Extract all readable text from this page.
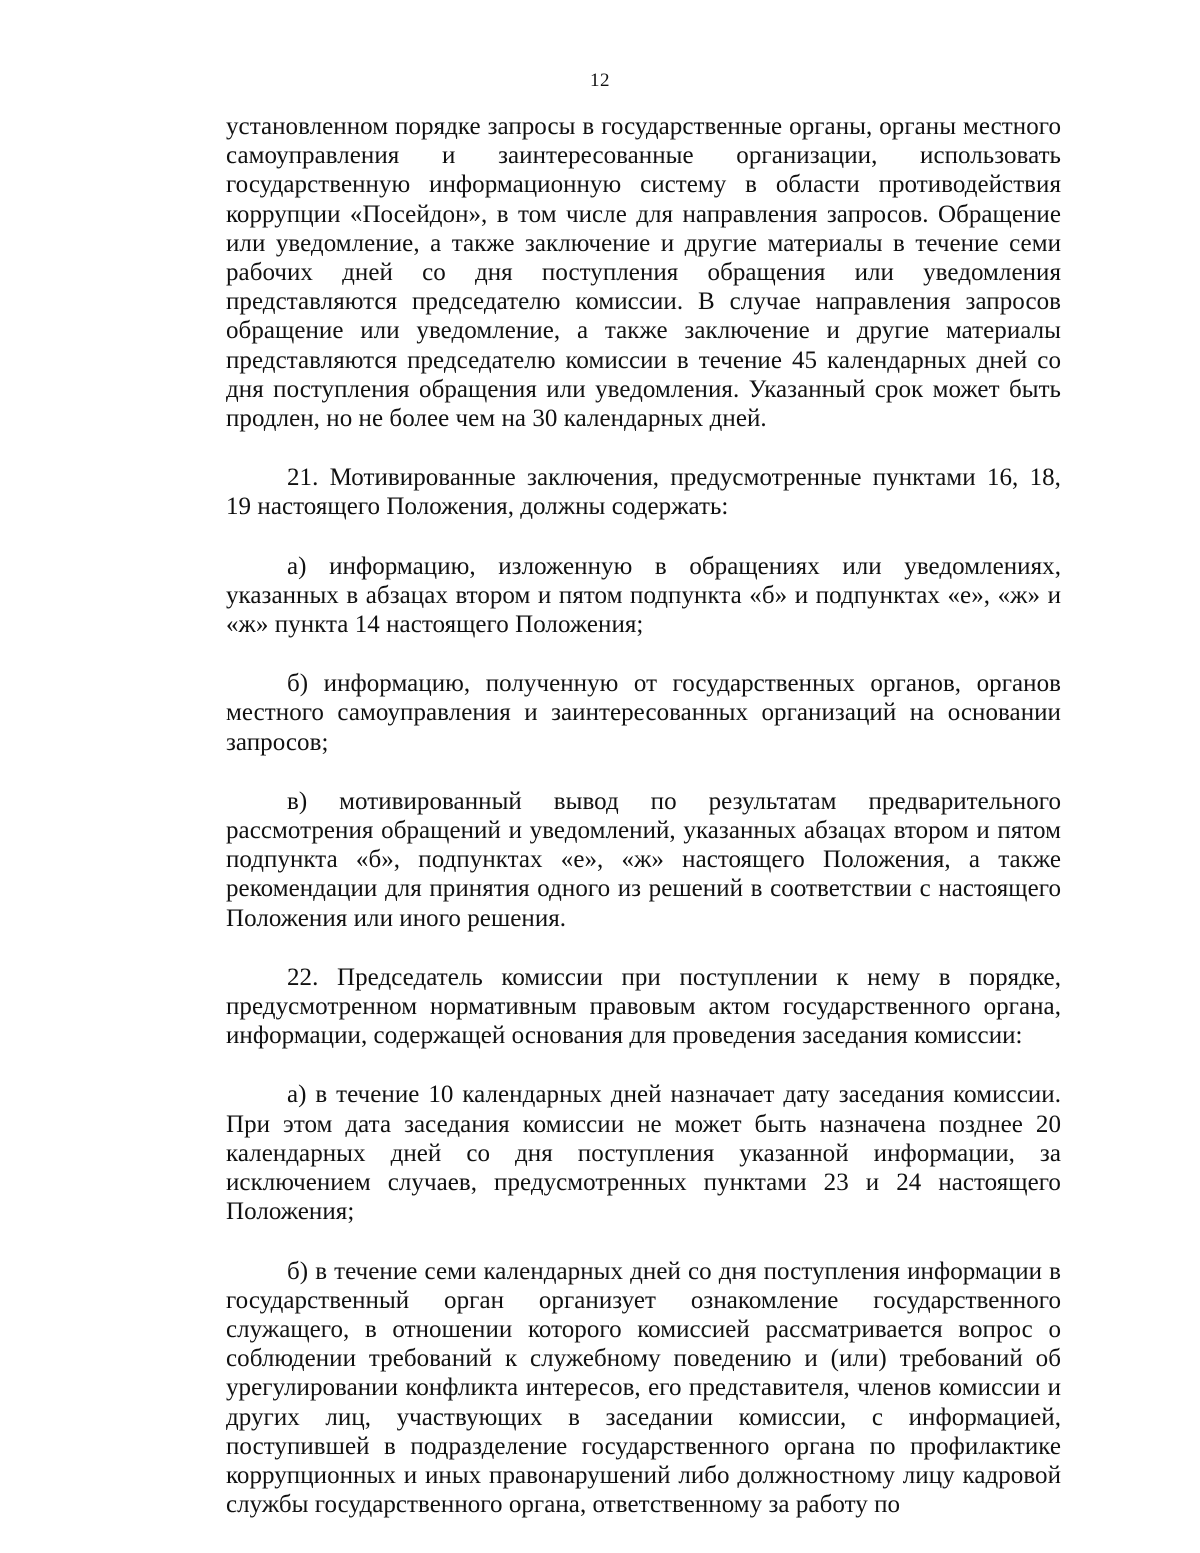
12

установленном порядке запросы в государственные органы, органы местного самоуправления и заинтересованные организации, использовать государственную информационную систему в области противодействия коррупции «Посейдон», в том числе для направления запросов. Обращение или уведомление, а также заключение и другие материалы в течение семи рабочих дней со дня поступления обращения или уведомления представляются председателю комиссии. В случае направления запросов обращение или уведомление, а также заключение и другие материалы представляются председателю комиссии в течение 45 календарных дней со дня поступления обращения или уведомления. Указанный срок может быть продлен, но не более чем на 30 календарных дней.

21. Мотивированные заключения, предусмотренные пунктами 16, 18, 19 настоящего Положения, должны содержать:

а) информацию, изложенную в обращениях или уведомлениях, указанных в абзацах втором и пятом подпункта «б» и подпунктах «е», «ж» и «ж» пункта 14 настоящего Положения;

б) информацию, полученную от государственных органов, органов местного самоуправления и заинтересованных организаций на основании запросов;

в) мотивированный вывод по результатам предварительного рассмотрения обращений и уведомлений, указанных абзацах втором и пятом подпункта «б», подпунктах «е», «ж» настоящего Положения, а также рекомендации для принятия одного из решений в соответствии с настоящего Положения или иного решения.

22. Председатель комиссии при поступлении к нему в порядке, предусмотренном нормативным правовым актом государственного органа, информации, содержащей основания для проведения заседания комиссии:

а) в течение 10 календарных дней назначает дату заседания комиссии. При этом дата заседания комиссии не может быть назначена позднее 20 календарных дней со дня поступления указанной информации, за исключением случаев, предусмотренных пунктами 23 и 24 настоящего Положения;

б) в течение семи календарных дней со дня поступления информации в государственный орган организует ознакомление государственного служащего, в отношении которого комиссией рассматривается вопрос о соблюдении требований к служебному поведению и (или) требований об урегулировании конфликта интересов, его представителя, членов комиссии и других лиц, участвующих в заседании комиссии, с информацией, поступившей в подразделение государственного органа по профилактике коррупционных и иных правонарушений либо должностному лицу кадровой службы государственного органа, ответственному за работу по
